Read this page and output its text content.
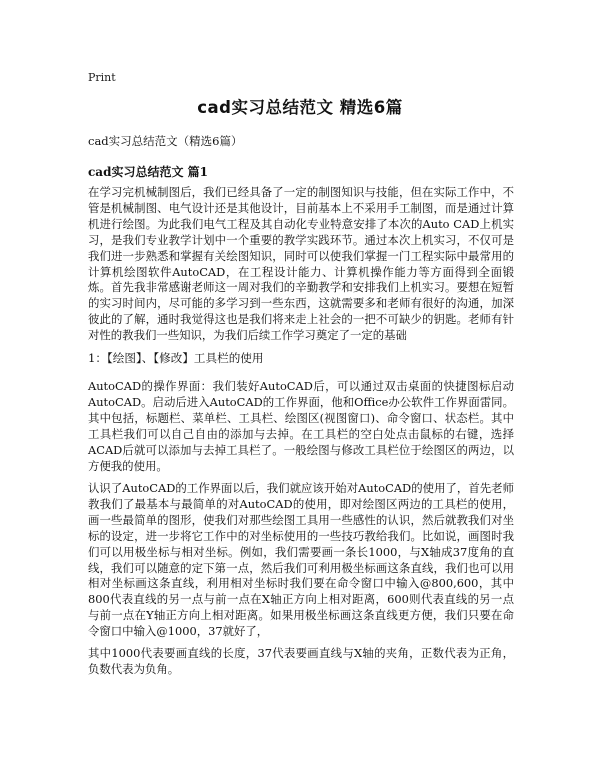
Print
cad实习总结范文 精选6篇
cad实习总结范文（精选6篇）
cad实习总结范文 篇1

在学习完机械制图后，我们已经具备了一定的制图知识与技能，但在实际工作中，不管是机械制图、电气设计还是其他设计，目前基本上不采用手工制图，而是通过计算机进行绘图。为此我们电气工程及其自动化专业特意安排了本次的Auto CAD上机实习，是我们专业教学计划中一个重要的教学实践环节。通过本次上机实习，不仅可是我们进一步熟悉和掌握有关绘图知识，同时可以使我们掌握一门工程实际中最常用的计算机绘图软件AutoCAD，在工程设计能力、计算机操作能力等方面得到全面锻炼。首先我非常感谢老师这一周对我们的辛勤教学和安排我们上机实习。要想在短暂的实习时间内，尽可能的多学习到一些东西，这就需要多和老师有很好的沟通，加深彼此的了解，通时我觉得这也是我们将来走上社会的一把不可缺少的钥匙。老师有针对性的教我们一些知识，为我们后续工作学习奠定了一定的基础

1：【绘图】、【修改】工具栏的使用

AutoCAD的操作界面：我们装好AutoCAD后，可以通过双击桌面的快捷图标启动AutoCAD。启动后进入AutoCAD的工作界面，他和Office办公软件工作界面雷同。其中包括，标题栏、菜单栏、工具栏、绘图区(视图窗口)、命令窗口、状态栏。其中工具栏我们可以自己自由的添加与去掉。在工具栏的空白处点击鼠标的右键，选择ACAD后就可以添加与去掉工具栏了。一般绘图与修改工具栏位于绘图区的两边，以方便我的使用。

认识了AutoCAD的工作界面以后，我们就应该开始对AutoCAD的使用了，首先老师教我们了最基本与最简单的对AutoCAD的使用，即对绘图区两边的工具栏的使用，画一些最简单的图形，使我们对那些绘图工具用一些感性的认识，然后就教我们对坐标的设定，进一步将它工作中的对坐标使用的一些技巧教给我们。比如说，画图时我们可以用极坐标与相对坐标。例如，我们需要画一条长1000，与X轴成37度角的直线，我们可以随意的定下第一点，然后我们可利用极坐标画这条直线，我们也可以用相对坐标画这条直线，利用相对坐标时我们要在命令窗口中输入@800,600，其中800代表直线的另一点与前一点在X轴正方向上相对距离，600则代表直线的另一点与前一点在Y轴正方向上相对距离。如果用极坐标画这条直线更方便，我们只要在命令窗口中输入@1000，37就好了，

其中1000代表要画直线的长度，37代表要画直线与X轴的夹角，正数代表为正角，负数代表为负角。
